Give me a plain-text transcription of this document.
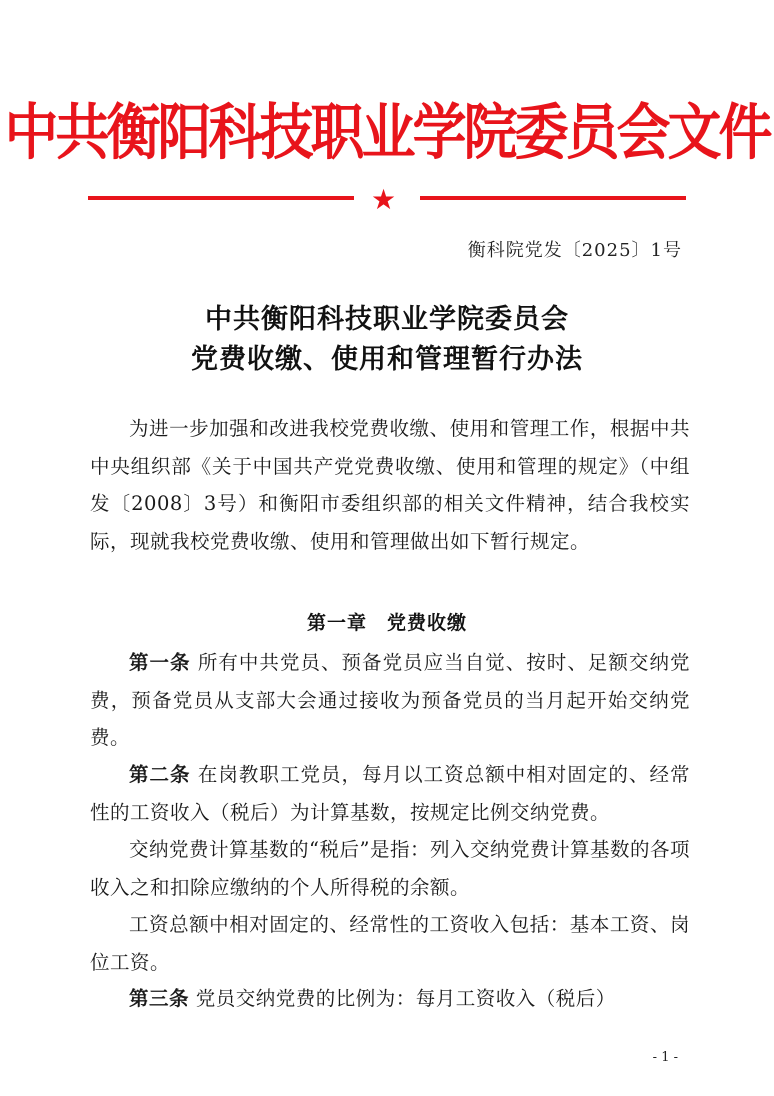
中共衡阳科技职业学院委员会文件
★
衡科院党发〔2025〕1号
中共衡阳科技职业学院委员会
党费收缴、使用和管理暂行办法
为进一步加强和改进我校党费收缴、使用和管理工作，根据中共中央组织部《关于中国共产党党费收缴、使用和管理的规定》（中组发〔2008〕3号）和衡阳市委组织部的相关文件精神，结合我校实际，现就我校党费收缴、使用和管理做出如下暂行规定。
第一章　党费收缴
第一条 所有中共党员、预备党员应当自觉、按时、足额交纳党费，预备党员从支部大会通过接收为预备党员的当月起开始交纳党费。
第二条 在岗教职工党员，每月以工资总额中相对固定的、经常性的工资收入（税后）为计算基数，按规定比例交纳党费。
交纳党费计算基数的“税后”是指：列入交纳党费计算基数的各项收入之和扣除应缴纳的个人所得税的余额。
工资总额中相对固定的、经常性的工资收入包括：基本工资、岗位工资。
第三条 党员交纳党费的比例为：每月工资收入（税后）
- 1 -
